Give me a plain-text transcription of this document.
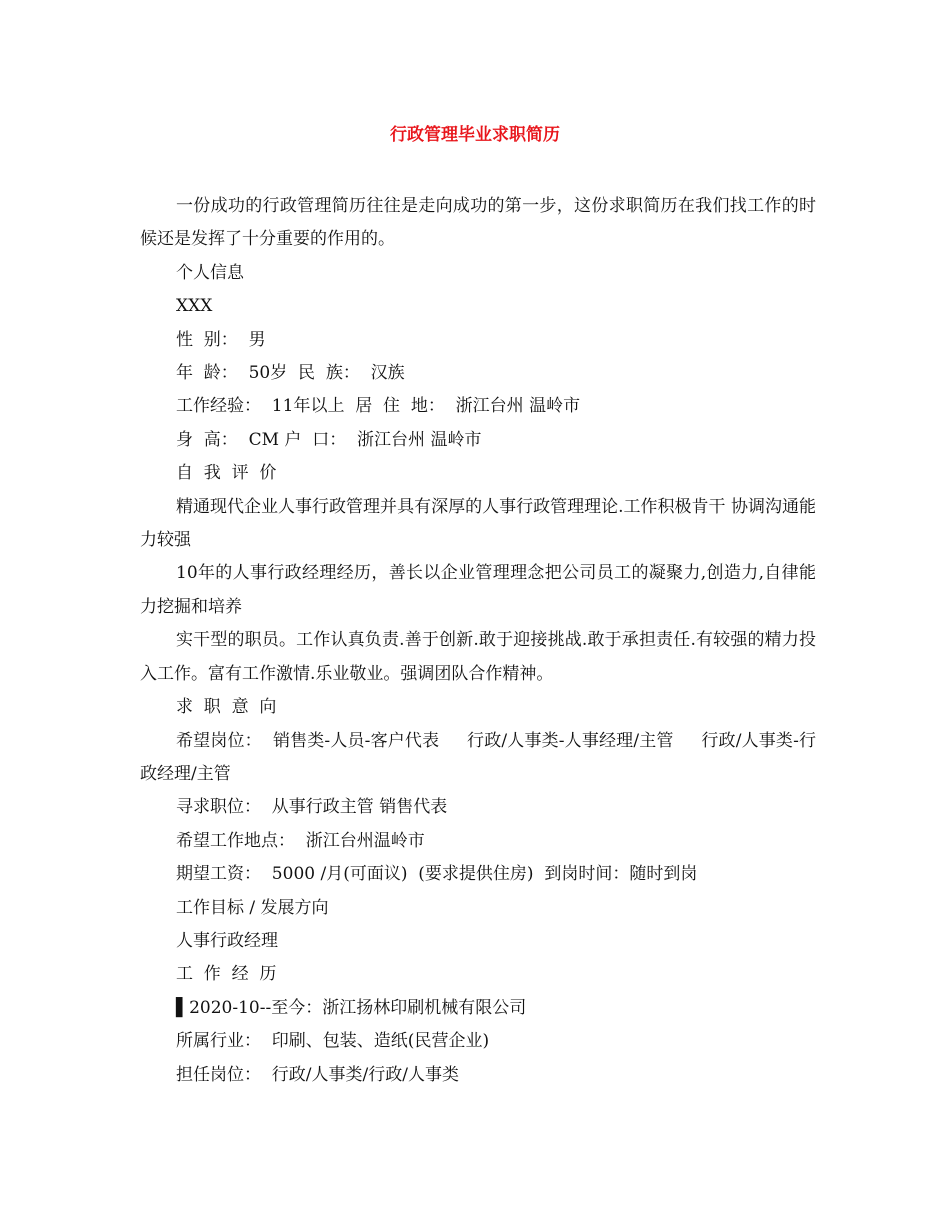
行政管理毕业求职简历

一份成功的行政管理简历往往是走向成功的第一步，这份求职简历在我们找工作的时候还是发挥了十分重要的作用的。

个人信息

XXX

性  别：  男

年  龄：  50岁  民  族：  汉族

工作经验：  11年以上  居  住  地：  浙江台州 温岭市

身  高：  CM 户  口：  浙江台州 温岭市

自  我  评  价

精通现代企业人事行政管理并具有深厚的人事行政管理理论.工作积极肯干 协调沟通能力较强

10年的人事行政经理经历，善长以企业管理理念把公司员工的凝聚力,创造力,自律能力挖掘和培养

实干型的职员。工作认真负责.善于创新.敢于迎接挑战.敢于承担责任.有较强的精力投入工作。富有工作激情.乐业敬业。强调团队合作精神。

求  职  意  向

希望岗位：  销售类-人员-客户代表     行政/人事类-人事经理/主管     行政/人事类-行政经理/主管

寻求职位：  从事行政主管 销售代表

希望工作地点：  浙江台州温岭市

期望工资：  5000 /月(可面议)  (要求提供住房)  到岗时间：随时到岗

工作目标 / 发展方向

人事行政经理

工  作  经  历

▌2020-10--至今：浙江扬林印刷机械有限公司

所属行业：  印刷、包装、造纸(民营企业)

担任岗位：  行政/人事类/行政/人事类
